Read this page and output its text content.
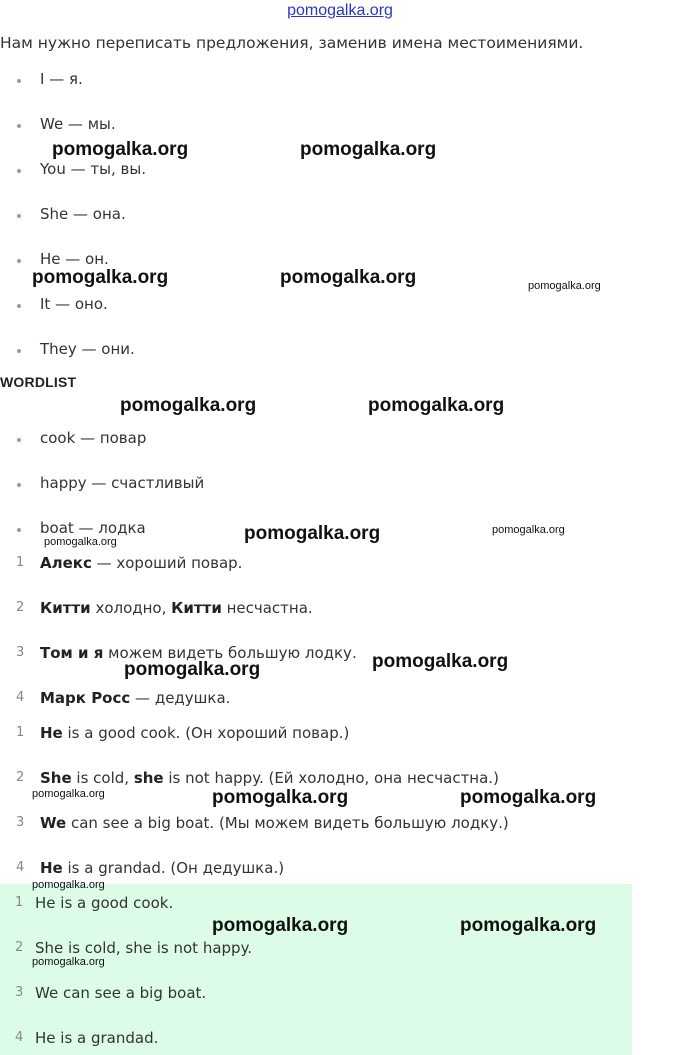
pomogalka.org
Нам нужно переписать предложения, заменив имена местоимениями.
I — я.
We — мы.
You — ты, вы.
She — она.
He — он.
It — оно.
They — они.
WORDLIST
cook — повар
happy — счастливый
boat — лодка
1 Алекс — хороший повар.
2 Китти холодно, Китти несчастна.
3 Том и я можем видеть большую лодку.
4 Марк Росс — дедушка.
1 He is a good cook. (Он хороший повар.)
2 She is cold, she is not happy. (Ей холодно, она несчастна.)
3 We can see a big boat. (Мы можем видеть большую лодку.)
4 He is a grandad. (Он дедушка.)
1 He is a good cook.
2 She is cold, she is not happy.
3 We can see a big boat.
4 He is a grandad.
pomogalka.org	pomogalka.org
pomogalka.org	pomogalka.org	pomogalka.org
pomogalka.org	pomogalka.org
pomogalka.org	pomogalka.org
pomogalka.org
pomogalka.org	pomogalka.org
pomogalka.org	pomogalka.org	pomogalka.org
pomogalka.org
pomogalka.org	pomogalka.org
pomogalka.org
